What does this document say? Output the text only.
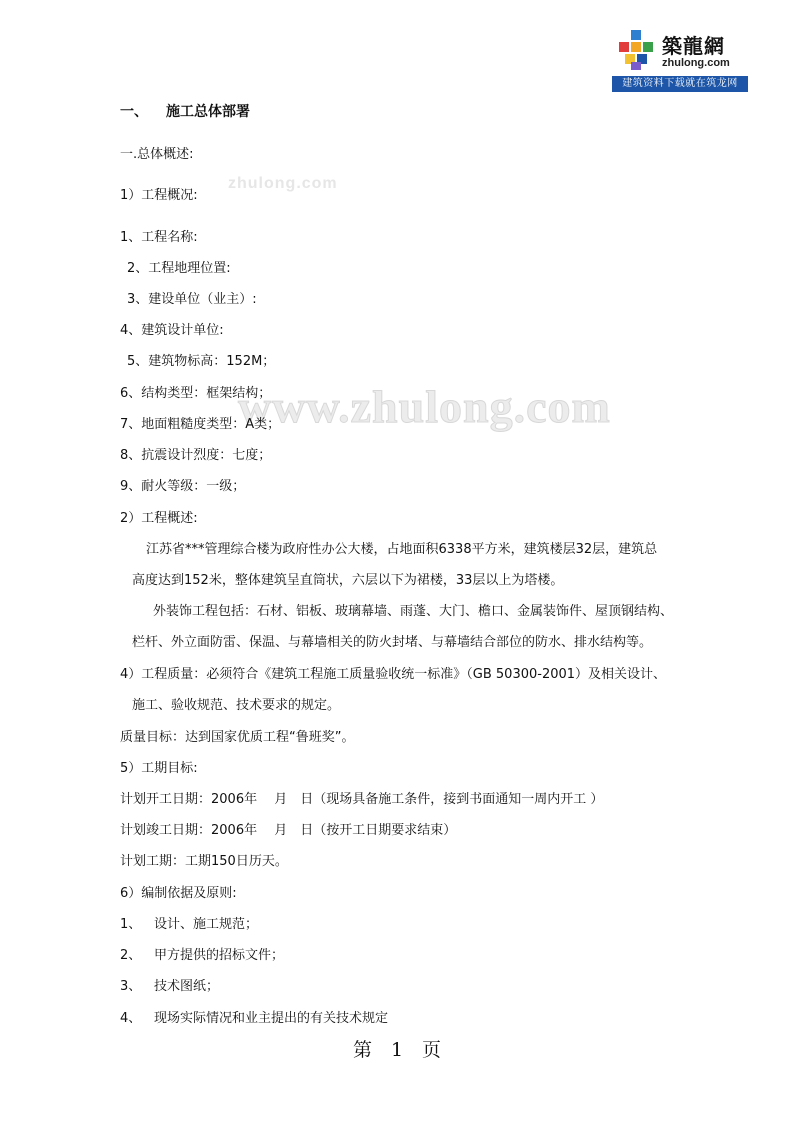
築龍網
zhulong.com
建筑资料下载就在筑龙网
zhulong.com
www.zhulong.com
一、 施工总体部署
一.总体概述:
1）工程概况:
1、工程名称:
2、工程地理位置:
3、建设单位（业主）:
4、建筑设计单位:
5、建筑物标高：152M；
6、结构类型：框架结构；
7、地面粗糙度类型：A类；
8、抗震设计烈度：七度；
9、耐火等级：一级；
2）工程概述:
江苏省***管理综合楼为政府性办公大楼，占地面积6338平方米，建筑楼层32层，建筑总
高度达到152米，整体建筑呈直筒状，六层以下为裙楼，33层以上为塔楼。
外装饰工程包括：石材、铝板、玻璃幕墙、雨蓬、大门、檐口、金属装饰件、屋顶钢结构、
栏杆、外立面防雷、保温、与幕墙相关的防火封堵、与幕墙结合部位的防水、排水结构等。
4）工程质量：必须符合《建筑工程施工质量验收统一标准》（GB 50300-2001）及相关设计、
施工、验收规范、技术要求的规定。
质量目标：达到国家优质工程“鲁班奖”。
5）工期目标:
计划开工日期：2006年　 月　日（现场具备施工条件，接到书面通知一周内开工 ）
计划竣工日期：2006年　 月　日（按开工日期要求结束）
计划工期：工期150日历天。
6）编制依据及原则:
1、 设计、施工规范；
2、 甲方提供的招标文件；
3、 技术图纸；
4、 现场实际情况和业主提出的有关技术规定
第　1　页
